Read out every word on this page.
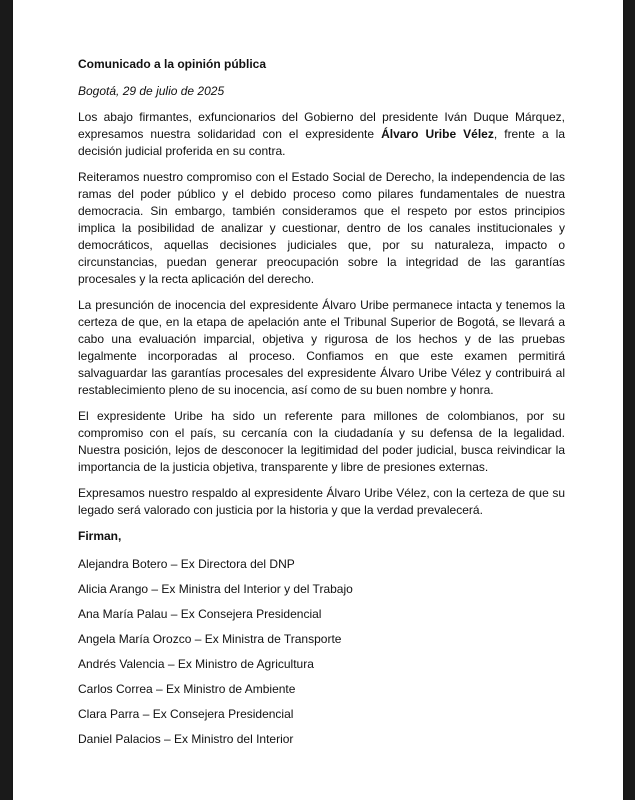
Comunicado a la opinión pública
Bogotá, 29 de julio de 2025

Los abajo firmantes, exfuncionarios del Gobierno del presidente Iván Duque Márquez, expresamos nuestra solidaridad con el expresidente Álvaro Uribe Vélez, frente a la decisión judicial proferida en su contra.

Reiteramos nuestro compromiso con el Estado Social de Derecho, la independencia de las ramas del poder público y el debido proceso como pilares fundamentales de nuestra democracia. Sin embargo, también consideramos que el respeto por estos principios implica la posibilidad de analizar y cuestionar, dentro de los canales institucionales y democráticos, aquellas decisiones judiciales que, por su naturaleza, impacto o circunstancias, puedan generar preocupación sobre la integridad de las garantías procesales y la recta aplicación del derecho.

La presunción de inocencia del expresidente Álvaro Uribe permanece intacta y tenemos la certeza de que, en la etapa de apelación ante el Tribunal Superior de Bogotá, se llevará a cabo una evaluación imparcial, objetiva y rigurosa de los hechos y de las pruebas legalmente incorporadas al proceso. Confiamos en que este examen permitirá salvaguardar las garantías procesales del expresidente Álvaro Uribe Vélez y contribuirá al restablecimiento pleno de su inocencia, así como de su buen nombre y honra.

El expresidente Uribe ha sido un referente para millones de colombianos, por su compromiso con el país, su cercanía con la ciudadanía y su defensa de la legalidad. Nuestra posición, lejos de desconocer la legitimidad del poder judicial, busca reivindicar la importancia de la justicia objetiva, transparente y libre de presiones externas.

Expresamos nuestro respaldo al expresidente Álvaro Uribe Vélez, con la certeza de que su legado será valorado con justicia por la historia y que la verdad prevalecerá.

Firman,
Alejandra Botero – Ex Directora del DNP
Alicia Arango – Ex Ministra del Interior y del Trabajo
Ana María Palau – Ex Consejera Presidencial
Angela María Orozco – Ex Ministra de Transporte
Andrés Valencia – Ex Ministro de Agricultura
Carlos Correa – Ex Ministro de Ambiente
Clara Parra – Ex Consejera Presidencial
Daniel Palacios – Ex Ministro del Interior
